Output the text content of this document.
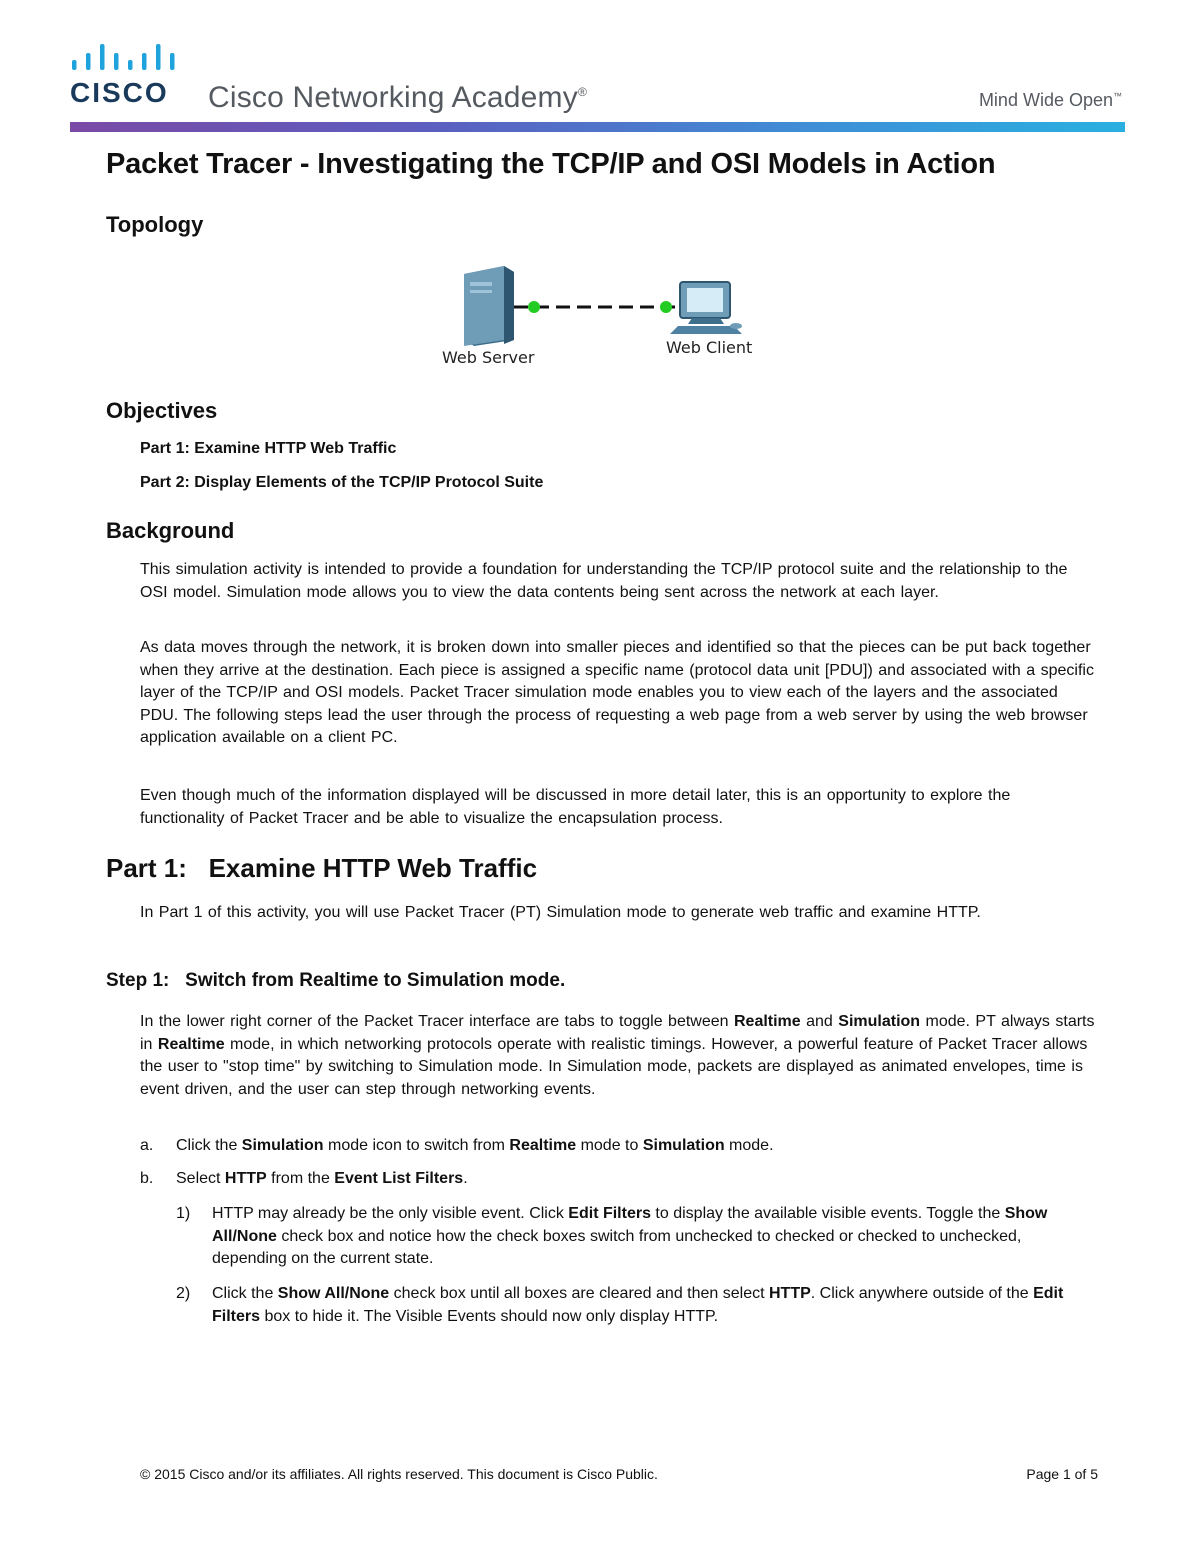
CISCO Cisco Networking Academy®	Mind Wide Open™
Packet Tracer - Investigating the TCP/IP and OSI Models in Action
Topology
Web Server
Web Client
Objectives
Part 1: Examine HTTP Web Traffic
Part 2: Display Elements of the TCP/IP Protocol Suite
Background
This simulation activity is intended to provide a foundation for understanding the TCP/IP protocol suite and the relationship to the OSI model. Simulation mode allows you to view the data contents being sent across the network at each layer.
As data moves through the network, it is broken down into smaller pieces and identified so that the pieces can be put back together when they arrive at the destination. Each piece is assigned a specific name (protocol data unit [PDU]) and associated with a specific layer of the TCP/IP and OSI models. Packet Tracer simulation mode enables you to view each of the layers and the associated PDU. The following steps lead the user through the process of requesting a web page from a web server by using the web browser application available on a client PC.
Even though much of the information displayed will be discussed in more detail later, this is an opportunity to explore the functionality of Packet Tracer and be able to visualize the encapsulation process.
Part 1:   Examine HTTP Web Traffic
In Part 1 of this activity, you will use Packet Tracer (PT) Simulation mode to generate web traffic and examine HTTP.
Step 1:   Switch from Realtime to Simulation mode.
In the lower right corner of the Packet Tracer interface are tabs to toggle between Realtime and Simulation mode. PT always starts in Realtime mode, in which networking protocols operate with realistic timings. However, a powerful feature of Packet Tracer allows the user to "stop time" by switching to Simulation mode. In Simulation mode, packets are displayed as animated envelopes, time is event driven, and the user can step through networking events.
a. Click the Simulation mode icon to switch from Realtime mode to Simulation mode.
b. Select HTTP from the Event List Filters.
1) HTTP may already be the only visible event. Click Edit Filters to display the available visible events. Toggle the Show All/None check box and notice how the check boxes switch from unchecked to checked or checked to unchecked, depending on the current state.
2) Click the Show All/None check box until all boxes are cleared and then select HTTP. Click anywhere outside of the Edit Filters box to hide it. The Visible Events should now only display HTTP.
© 2015 Cisco and/or its affiliates. All rights reserved. This document is Cisco Public.	Page 1 of 5
